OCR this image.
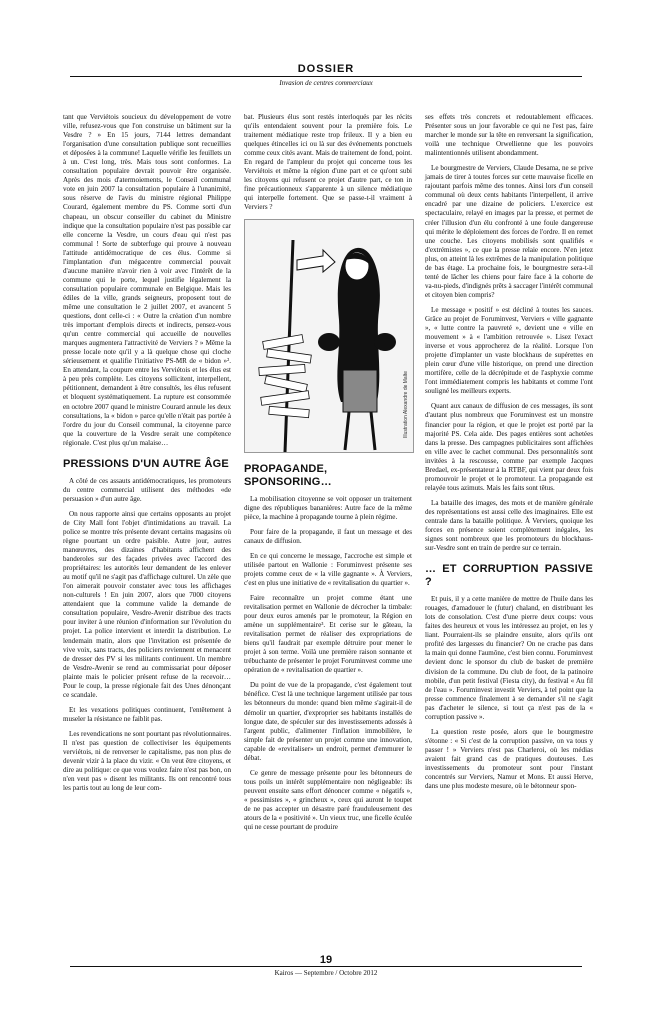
DOSSIER
Invasion de centres commerciaux

tant que Verviétois soucieux du développement de votre ville, refusez-vous que l'on construise un bâtiment sur la Vesdre ? » En 15 jours, 7144 lettres demandant l'organisation d'une consultation publique sont recueillies et déposées à la commune! Laquelle vérifie les feuillets un à un. C'est long, très. Mais tous sont conformes. La consultation populaire devrait pouvoir être organisée. Après des mois d'atermoiements, le Conseil communal vote en juin 2007 la consultation populaire à l'unanimité, sous réserve de l'avis du ministre régional Philippe Courard, également membre du PS. Comme sorti d'un chapeau, un obscur conseiller du cabinet du Ministre indique que la consultation populaire n'est pas possible car elle concerne la Vesdre, un cours d'eau qui n'est pas communal ! Sorte de subterfuge qui prouve à nouveau l'attitude antidémocratique de ces élus. Comme si l'implantation d'un mégacentre commercial pouvait d'aucune manière n'avoir rien à voir avec l'intérêt de la commune qui le porte, lequel justifie légalement la consultation populaire communale en Belgique. Mais les édiles de la ville, grands seigneurs, proposent tout de même une consultation le 2 juillet 2007, et avancent 5 questions, dont celle-ci : « Outre la création d'un nombre très important d'emplois directs et indirects, pensez-vous qu'un centre commercial qui accueille de nouvelles marques augmentera l'attractivité de Verviers ? » Même la presse locale note qu'il y a là quelque chose qui cloche sérieusement et qualifie l'initiative PS-MR de « bidon »². En attendant, la coupure entre les Verviétois et les élus est à peu près complète. Les citoyens sollicitent, interpellent, pétitionnent, demandent à être consultés, les élus refusent et bloquent systématiquement. La rupture est consommée en octobre 2007 quand le ministre Courard annule les deux consultations, la « bidon » parce qu'elle n'était pas portée à l'ordre du jour du Conseil communal, la citoyenne parce que la couverture de la Vesdre serait une compétence régionale. C'est plus qu'un malaise…

PRESSIONS D'UN AUTRE ÂGE

A côté de ces assauts antidémocratiques, les promoteurs du centre commercial utilisent des méthodes «de persuasion » d'un autre âge.

On nous rapporte ainsi que certains opposants au projet de City Mall font l'objet d'intimidations au travail. La police se montre très présente devant certains magasins où règne pourtant un ordre paisible. Autre jour, autres manœuvres, des dizaines d'habitants affichent des banderoles sur des façades privées avec l'accord des propriétaires: les autorités leur demandent de les enlever au motif qu'il ne s'agit pas d'affichage culturel. Un zèle que l'on aimerait pouvoir constater avec tous les affichages non-culturels ! En juin 2007, alors que 7000 citoyens attendaient que la commune valide la demande de consultation populaire, Vesdre-Avenir distribue des tracts pour inviter à une réunion d'information sur l'évolution du projet. La police intervient et interdit la distribution. Le lendemain matin, alors que l'invitation est présentée de vive voix, sans tracts, des policiers reviennent et menacent de dresser des PV si les militants continuent. Un membre de Vesdre-Avenir se rend au commissariat pour déposer plainte mais le policier présent refuse de la recevoir… Pour le coup, la presse régionale fait des Unes dénonçant ce scandale.

Et les vexations politiques continuent, l'entêtement à museler la résistance ne faiblit pas.

Les revendications ne sont pourtant pas révolutionnaires. Il n'est pas question de collectiviser les équipements verviétois, ni de renverser le capitalisme, pas non plus de devenir vizir à la place du vizir. « On veut être citoyens, et dire au politique: ce que vous voulez faire n'est pas bon, on n'en veut pas » disent les militants. Ils ont rencontré tous les partis tout au long de leur com-

bat. Plusieurs élus sont restés interloqués par les récits qu'ils entendaient souvent pour la première fois. Le traitement médiatique reste trop frileux. Il y a bien eu quelques étincelles ici ou là sur des événements ponctuels comme ceux cités avant. Mais de traitement de fond, point. En regard de l'ampleur du projet qui concerne tous les Verviétois et même la région d'une part et ce qu'ont subi les citoyens qui refusent ce projet d'autre part, ce ton in fine précautionneux s'apparente à un silence médiatique qui interpelle fortement. Que se passe-t-il vraiment à Verviers ?

Illustration Alexandre de Malte
PROPAGANDE, SPONSORING…

La mobilisation citoyenne se voit opposer un traitement digne des républiques bananières: Autre face de la même pièce, la machine à propagande tourne à plein régime.

Pour faire de la propagande, il faut un message et des canaux de diffusion.

En ce qui concerne le message, l'accroche est simple et utilisée partout en Wallonie : Foruminvest présente ses projets comme ceux de « la ville gagnante ». À Verviers, c'est en plus une initiative de « revitalisation du quartier ».

Faire reconnaître un projet comme étant une revitalisation permet en Wallonie de décrocher la timbale: pour deux euros amenés par le promoteur, la Région en amène un supplémentaire³. Et cerise sur le gâteau, la revitalisation permet de réaliser des expropriations de biens qu'il faudrait par exemple détruire pour mener le projet à son terme. Voilà une première raison sonnante et trébuchante de présenter le projet Foruminvest comme une opération de « revitalisation de quartier ».

Du point de vue de la propagande, c'est également tout bénéfice. C'est là une technique largement utilisée par tous les bétonneurs du monde: quand bien même s'agirait-il de démolir un quartier, d'exproprier ses habitants installés de longue date, de spéculer sur des investissements adossés à l'argent public, d'alimenter l'inflation immobilière, le simple fait de présenter un projet comme une innovation, capable de «revitaliser» un endroit, permet d'emmurer le débat.

Ce genre de message présente pour les bétonneurs de tous poils un intérêt supplémentaire non négligeable: ils peuvent ensuite sans effort dénoncer comme « négatifs », « pessimistes », « grincheux », ceux qui auront le toupet de ne pas accepter un désastre paré frauduleusement des atours de la « positivité ». Un vieux truc, une ficelle éculée qui ne cesse pourtant de produire

ses effets très concrets et redoutablement efficaces. Présenter sous un jour favorable ce qui ne l'est pas, faire marcher le monde sur la tête en renversant la signification, voilà une technique Orwellienne que les pouvoirs malintentionnés utilisent abondamment.

Le bourgmestre de Verviers, Claude Desama, ne se prive jamais de tirer à toutes forces sur cette mauvaise ficelle en rajoutant parfois même des tonnes. Ainsi lors d'un conseil communal où deux cents habitants l'interpellent, il arrive encadré par une dizaine de policiers. L'exercice est spectaculaire, relayé en images par la presse, et permet de créer l'illusion d'un élu confronté à une foule dangereuse qui mérite le déploiement des forces de l'ordre. Il en remet une couche. Les citoyens mobilisés sont qualifiés « d'extrémistes », ce que la presse relaie encore. N'en jetez plus, on atteint là les extrêmes de la manipulation politique de bas étage. La prochaine fois, le bourgmestre sera-t-il tenté de lâcher les chiens pour faire face à la cohorte de va-nu-pieds, d'indignés prêts à saccager l'intérêt communal et citoyen bien compris?

Le message « positif » est décliné à toutes les sauces. Grâce au projet de Foruminvest, Verviers « ville gagnante », « lutte contre la pauvreté », devient une « ville en mouvement » à « l'ambition retrouvée ». Lisez l'exact inverse et vous approcherez de la réalité. Lorsque l'on projette d'implanter un vaste blockhaus de supérettes en plein cœur d'une ville historique, on prend une direction mortifère, celle de la décrépitude et de l'asphyxie comme l'ont immédiatement compris les habitants et comme l'ont souligné les meilleurs experts.

Quant aux canaux de diffusion de ces messages, ils sont d'autant plus nombreux que Foruminvest est un monstre financier pour la région, et que le projet est porté par la majorité PS. Cela aide. Des pages entières sont achetées dans la presse. Des campagnes publicitaires sont affichées en ville avec le cachet communal. Des personnalités sont invitées à la rescousse, comme par exemple Jacques Bredael, ex-présentateur à la RTBF, qui vient par deux fois promouvoir le projet et le promoteur. La propagande est relayée tous azimuts. Mais les faits sont têtus.

La bataille des images, des mots et de manière générale des représentations est aussi celle des imaginaires. Elle est centrale dans la bataille politique. À Verviers, quoique les forces en présence soient complètement inégales, les signes sont nombreux que les promoteurs du blockhaus-sur-Vesdre sont en train de perdre sur ce terrain.

… ET CORRUPTION PASSIVE ?

Et puis, il y a cette manière de mettre de l'huile dans les rouages, d'amadouer le (futur) chaland, en distribuant les lots de consolation. C'est d'une pierre deux coups: vous faites des heureux et vous les intéressez au projet, en les y liant. Pourraient-ils se plaindre ensuite, alors qu'ils ont profité des largesses du financier? On ne crache pas dans la main qui donne l'aumône, c'est bien connu. Foruminvest devient donc le sponsor du club de basket de première division de la commune. Du club de foot, de la patinoire mobile, d'un petit festival (Fiesta city), du festival « Au fil de l'eau ». Foruminvest investit Verviers, à tel point que la presse commence finalement à se demander s'il ne s'agit pas d'acheter le silence, si tout ça n'est pas de la « corruption passive ».

La question reste posée, alors que le bourgmestre s'étonne : « Si c'est de la corruption passive, on va tous y passer ! » Verviers n'est pas Charleroi, où les médias avaient fait grand cas de pratiques douteuses. Les investissements du promoteur sont pour l'instant concentrés sur Verviers, Namur et Mons. Et aussi Herve, dans une plus modeste mesure, où le bétonneur spon-

19
Kairos — Septembre / Octobre 2012
